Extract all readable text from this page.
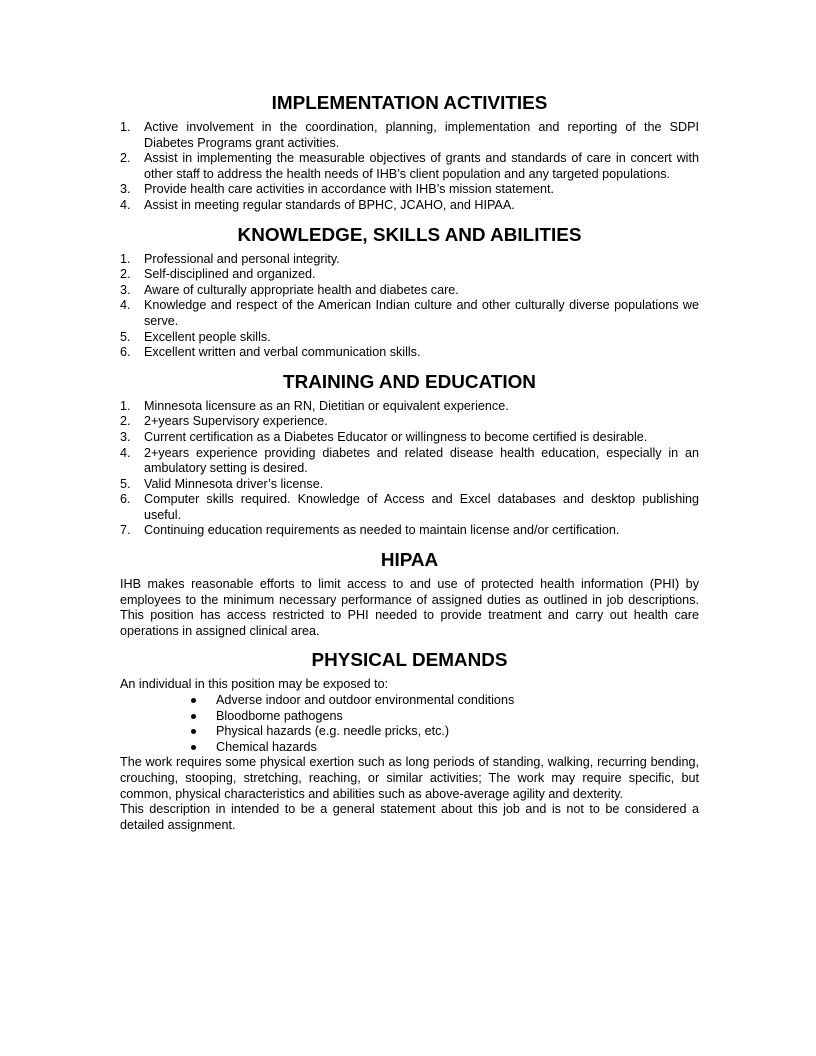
IMPLEMENTATION ACTIVITIES
1. Active involvement in the coordination, planning, implementation and reporting of the SDPI Diabetes Programs grant activities.
2. Assist in implementing the measurable objectives of grants and standards of care in concert with other staff to address the health needs of IHB’s client population and any targeted populations.
3. Provide health care activities in accordance with IHB’s mission statement.
4. Assist in meeting regular standards of BPHC, JCAHO, and HIPAA.
KNOWLEDGE, SKILLS AND ABILITIES
1. Professional and personal integrity.
2. Self-disciplined and organized.
3. Aware of culturally appropriate health and diabetes care.
4. Knowledge and respect of the American Indian culture and other culturally diverse populations we serve.
5. Excellent people skills.
6. Excellent written and verbal communication skills.
TRAINING AND EDUCATION
1. Minnesota licensure as an RN, Dietitian or equivalent experience.
2. 2+years Supervisory experience.
3. Current certification as a Diabetes Educator or willingness to become certified is desirable.
4. 2+years experience providing diabetes and related disease health education, especially in an ambulatory setting is desired.
5. Valid Minnesota driver’s license.
6. Computer skills required. Knowledge of Access and Excel databases and desktop publishing useful.
7. Continuing education requirements as needed to maintain license and/or certification.
HIPAA

IHB makes reasonable efforts to limit access to and use of protected health information (PHI) by employees to the minimum necessary performance of assigned duties as outlined in job descriptions. This position has access restricted to PHI needed to provide treatment and carry out health care operations in assigned clinical area.

PHYSICAL DEMANDS

An individual in this position may be exposed to:

Adverse indoor and outdoor environmental conditions
Bloodborne pathogens
Physical hazards (e.g. needle pricks, etc.)
Chemical hazards

The work requires some physical exertion such as long periods of standing, walking, recurring bending, crouching, stooping, stretching, reaching, or similar activities; The work may require specific, but common, physical characteristics and abilities such as above-average agility and dexterity.

This description in intended to be a general statement about this job and is not to be considered a detailed assignment.
